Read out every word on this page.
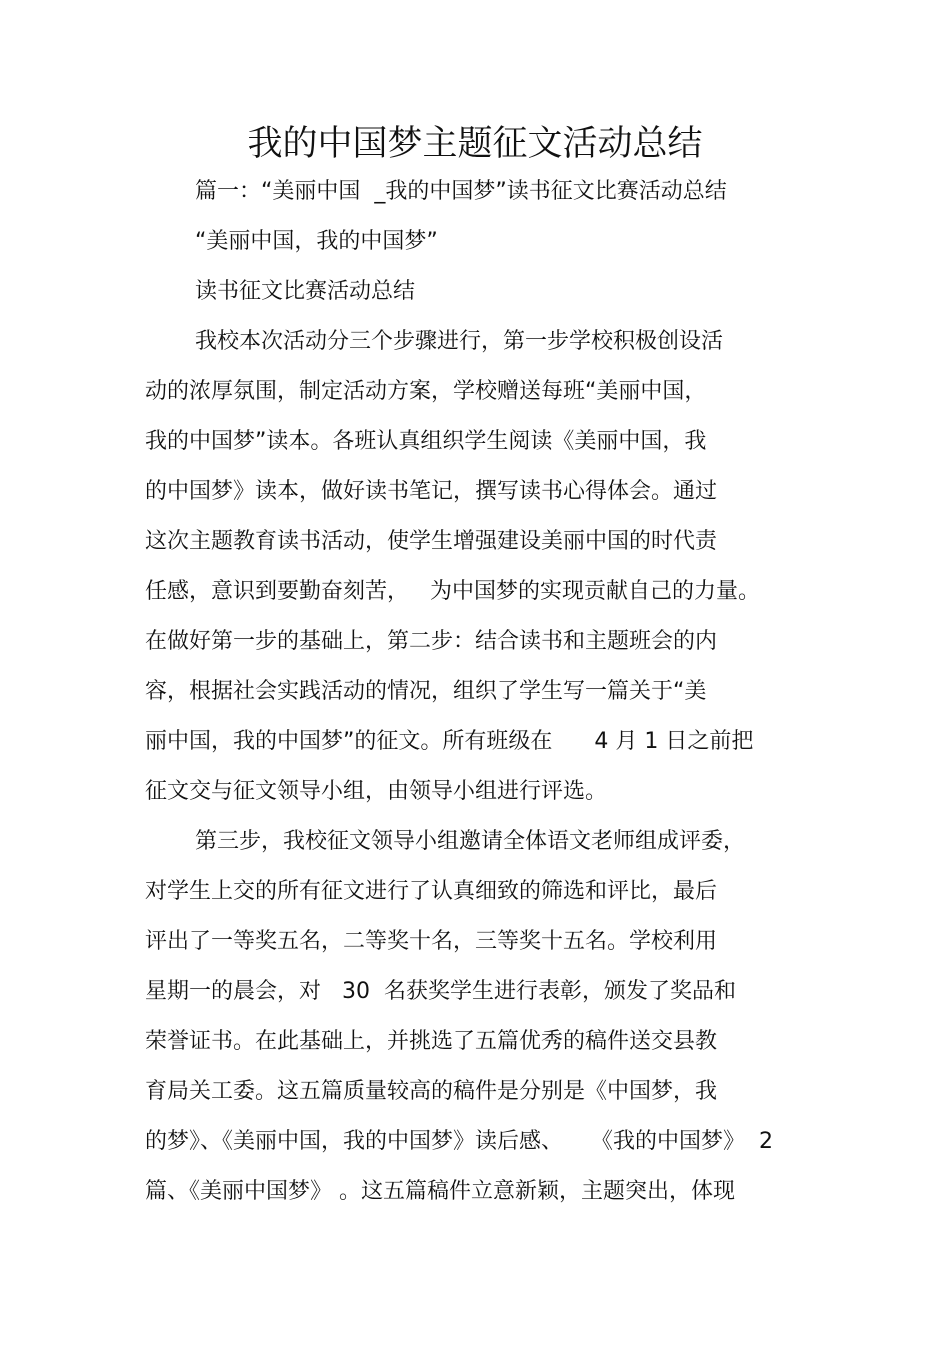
我的中国梦主题征文活动总结
篇一：“美丽中国  _我的中国梦”读书征文比赛活动总结
“美丽中国，我的中国梦”
读书征文比赛活动总结
我校本次活动分三个步骤进行，第一步学校积极创设活
动的浓厚氛围，制定活动方案，学校赠送每班“美丽中国，
我的中国梦”读本。各班认真组织学生阅读《美丽中国，我
的中国梦》读本，做好读书笔记，撰写读书心得体会。通过
这次主题教育读书活动，使学生增强建设美丽中国的时代责
任感，意识到要勤奋刻苦，   为中国梦的实现贡献自己的力量。
在做好第一步的基础上，第二步：结合读书和主题班会的内
容，根据社会实践活动的情况，组织了学生写一篇关于“美
丽中国，我的中国梦”的征文。所有班级在      4 月 1 日之前把
征文交与征文领导小组，由领导小组进行评选。
第三步，我校征文领导小组邀请全体语文老师组成评委，
对学生上交的所有征文进行了认真细致的筛选和评比，最后
评出了一等奖五名，二等奖十名，三等奖十五名。学校利用
星期一的晨会，对   30  名获奖学生进行表彰，颁发了奖品和
荣誉证书。在此基础上，并挑选了五篇优秀的稿件送交县教
育局关工委。这五篇质量较高的稿件是分别是《中国梦，我
的梦》、《美丽中国，我的中国梦》读后感、    《我的中国梦》  2
篇、《美丽中国梦》 。这五篇稿件立意新颖，主题突出，体现
